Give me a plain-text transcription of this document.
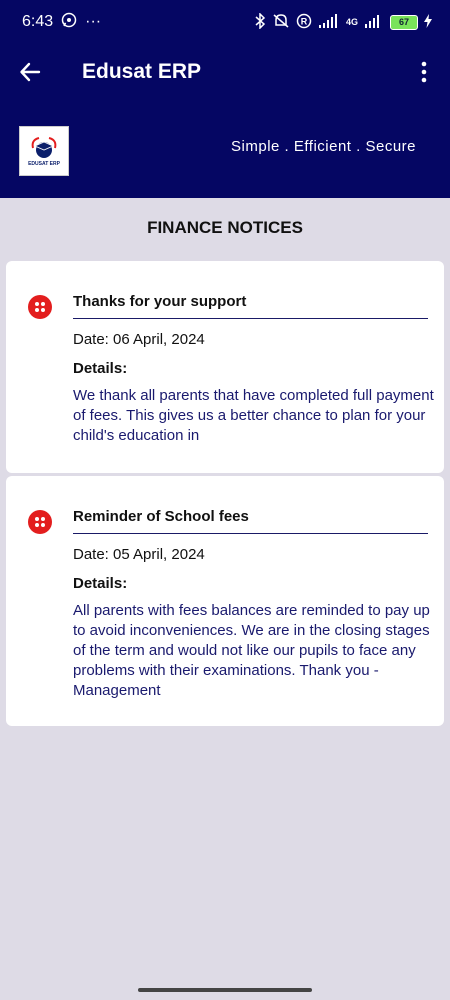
6:43 ···	R	4G	67
Edusat ERP
EDUSAT ERP
Simple . Efficient . Secure
FINANCE NOTICES
Thanks for your support
Date: 06 April, 2024
Details:
We thank all parents that have completed full payment of fees. This gives us a better chance to plan for your child's education in
Reminder of School fees
Date: 05 April, 2024
Details:
All parents with fees balances are reminded to pay up to avoid inconveniences. We are in the closing stages of the term and would not like our pupils to face any problems with their examinations. Thank you - Management
